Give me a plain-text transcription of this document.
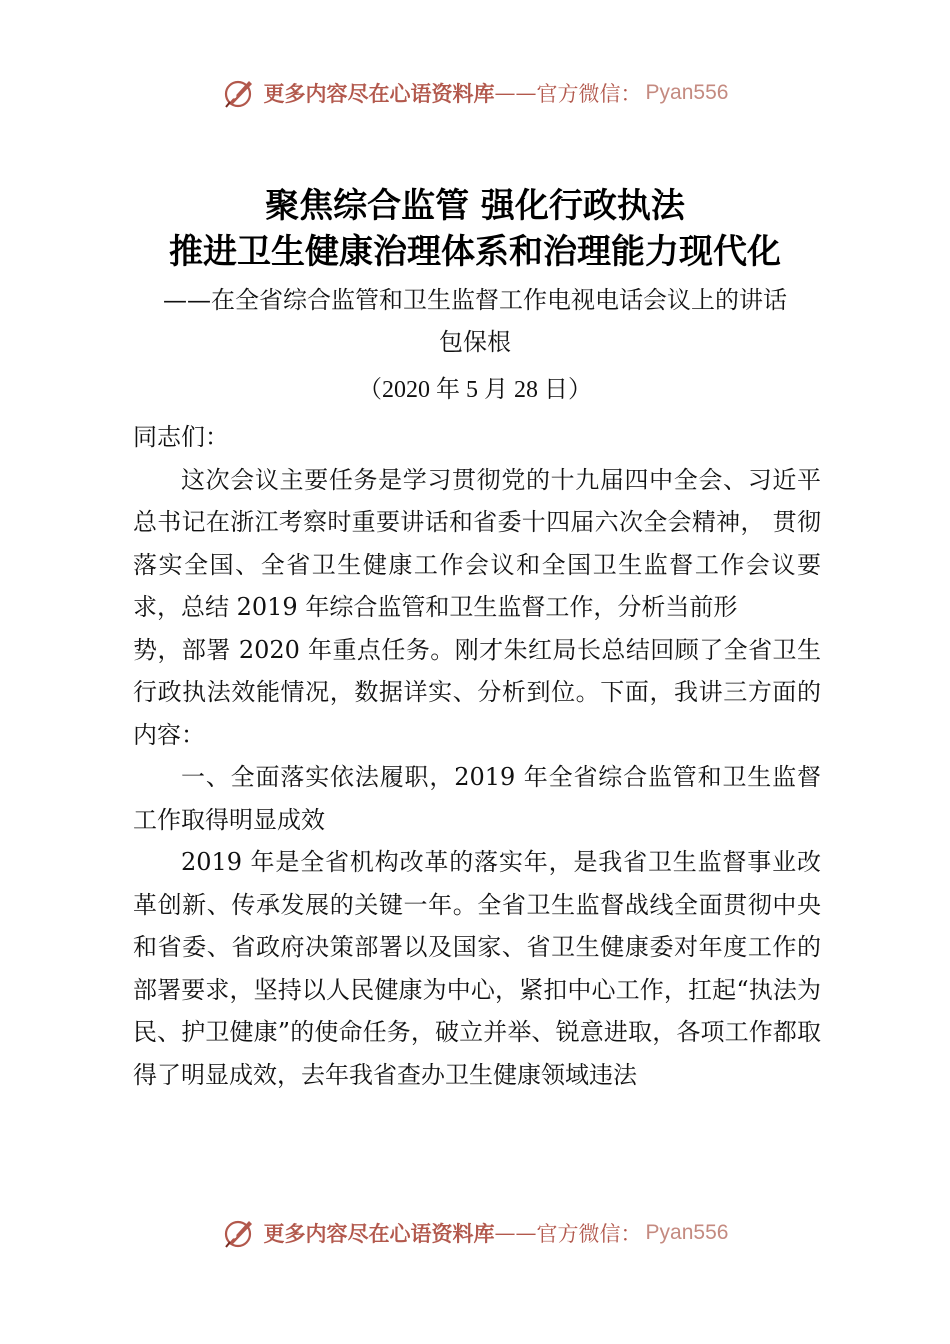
更多内容尽在心语资料库 —— 官方微信： Pyan556
聚焦综合监管 强化行政执法
推进卫生健康治理体系和治理能力现代化
——在全省综合监管和卫生监督工作电视电话会议上的讲话
包保根
（2020 年 5 月 28 日）

同志们：

这次会议主要任务是学习贯彻党的十九届四中全会、习近平总书记在浙江考察时重要讲话和省委十四届六次全会精神， 贯彻落实全国、全省卫生健康工作会议和全国卫生监督工作会议要求，总结 2019 年综合监管和卫生监督工作，分析当前形

势，部署 2020 年重点任务。刚才朱红局长总结回顾了全省卫生行政执法效能情况，数据详实、分析到位。下面，我讲三方面的内容：

一、全面落实依法履职，2019 年全省综合监管和卫生监督工作取得明显成效

2019 年是全省机构改革的落实年，是我省卫生监督事业改革创新、传承发展的关键一年。全省卫生监督战线全面贯彻中央和省委、省政府决策部署以及国家、省卫生健康委对年度工作的部署要求，坚持以人民健康为中心，紧扣中心工作，扛起“执法为民、护卫健康”的使命任务，破立并举、锐意进取，各项工作都取得了明显成效，去年我省查办卫生健康领域违法

更多内容尽在心语资料库 —— 官方微信： Pyan556
